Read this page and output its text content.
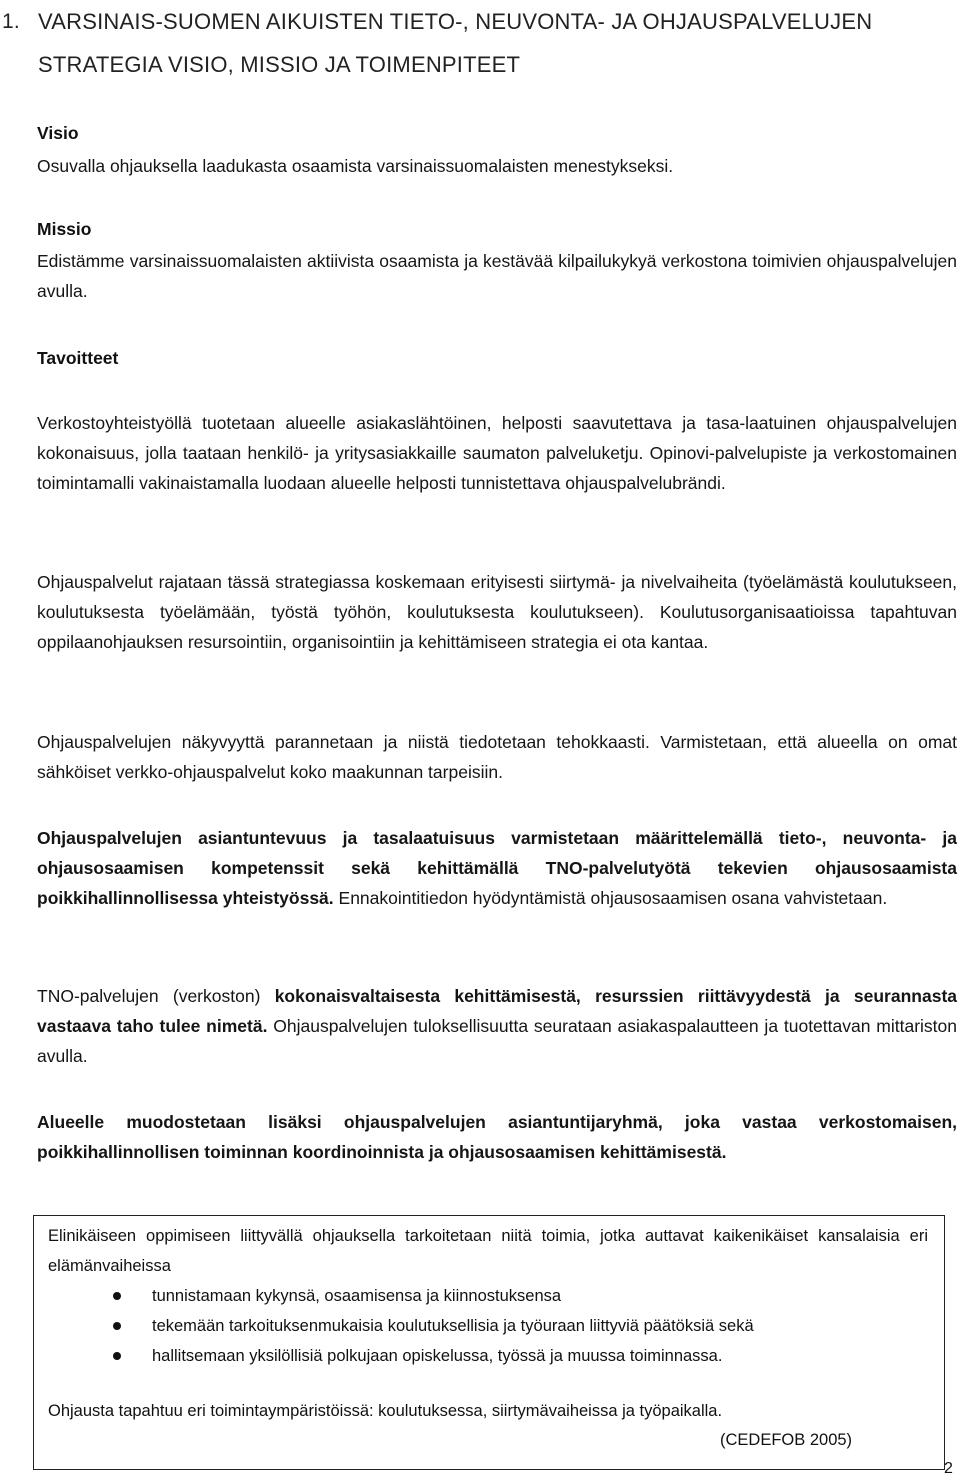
1. VARSINAIS-SUOMEN AIKUISTEN TIETO-, NEUVONTA- JA OHJAUSPALVELUJEN
STRATEGIA VISIO, MISSIO JA TOIMENPITEET
Visio
Osuvalla ohjauksella laadukasta osaamista varsinaissuomalaisten menestykseksi.
Missio
Edistämme varsinaissuomalaisten aktiivista osaamista ja kestävää kilpailukykyä verkostona toimivien ohjauspalvelujen avulla.
Tavoitteet
Verkostoyhteistyöllä tuotetaan alueelle asiakaslähtöinen, helposti saavutettava ja tasa-laatuinen ohjauspalvelujen kokonaisuus, jolla taataan henkilö- ja yritysasiakkaille saumaton palveluketju. Opinovi-palvelupiste ja verkostomainen toimintamalli vakinaistamalla luodaan alueelle helposti tunnistettava ohjauspalvelubrändi.
Ohjauspalvelut rajataan tässä strategiassa koskemaan erityisesti siirtymä- ja nivelvaiheita (työelämästä koulutukseen, koulutuksesta työelämään, työstä työhön, koulutuksesta koulutukseen). Koulutusorganisaatioissa tapahtuvan oppilaanohjauksen resursointiin, organisointiin ja kehittämiseen strategia ei ota kantaa.
Ohjauspalvelujen näkyvyyttä parannetaan ja niistä tiedotetaan tehokkaasti. Varmistetaan, että alueella on omat sähköiset verkko-ohjauspalvelut koko maakunnan tarpeisiin.
Ohjauspalvelujen asiantuntevuus ja tasalaatuisuus varmistetaan määrittelemällä tieto-, neuvonta- ja ohjausosaamisen kompetenssit sekä kehittämällä TNO-palvelutyötä tekevien ohjausosaamista poikkihallinnollisessa yhteistyössä. Ennakointitiedon hyödyntämistä ohjausosaamisen osana vahvistetaan.
TNO-palvelujen (verkoston) kokonaisvaltaisesta kehittämisestä, resurssien riittävyydestä ja seurannasta vastaava taho tulee nimetä. Ohjauspalvelujen tuloksellisuutta seurataan asiakaspalautteen ja tuotettavan mittariston avulla.
Alueelle muodostetaan lisäksi ohjauspalvelujen asiantuntijaryhmä, joka vastaa verkostomaisen, poikkihallinnollisen toiminnan koordinoinnista ja ohjausosaamisen kehittämisestä.
Elinikäiseen oppimiseen liittyvällä ohjauksella tarkoitetaan niitä toimia, jotka auttavat kaikenikäiset kansalaisia eri elämänvaiheissa
tunnistamaan kykynsä, osaamisensa ja kiinnostuksensa
tekemään tarkoituksenmukaisia koulutuksellisia ja työuraan liittyviä päätöksiä sekä
hallitsemaan yksilöllisiä polkujaan opiskelussa, työssä ja muussa toiminnassa.
Ohjausta tapahtuu eri toimintaympäristöissä: koulutuksessa, siirtymävaiheissa ja työpaikalla.
(CEDEFOB 2005)
2
